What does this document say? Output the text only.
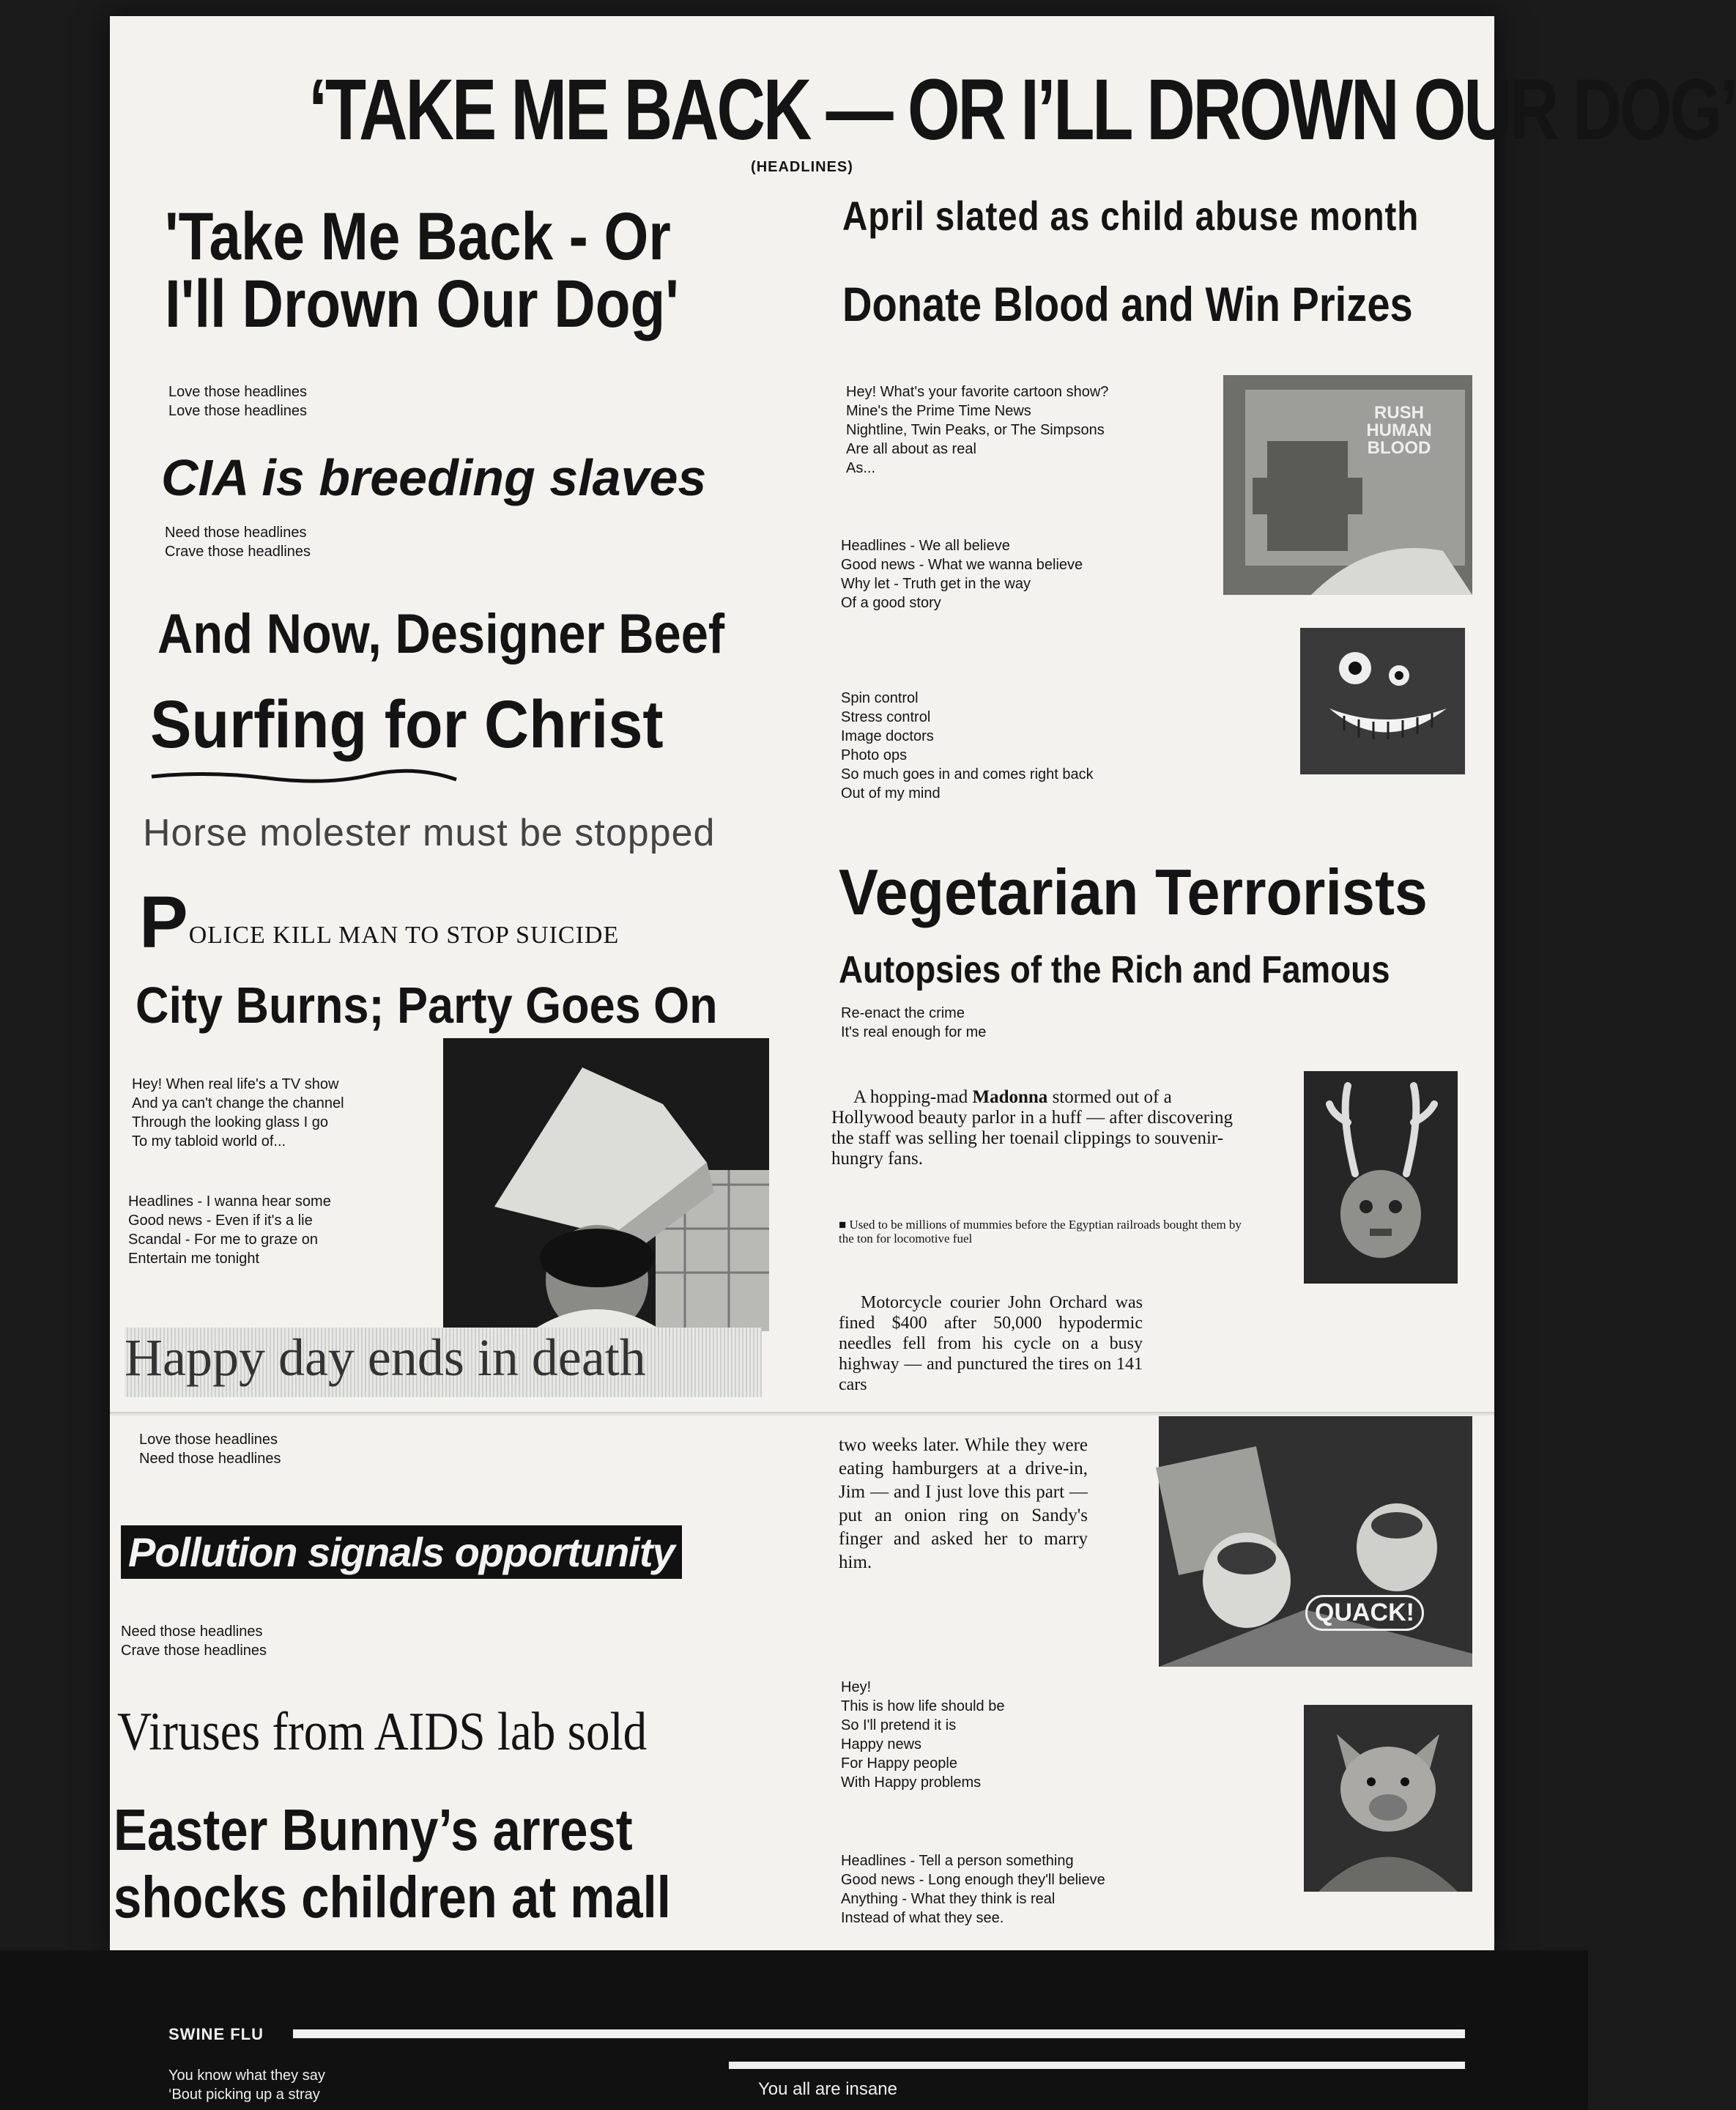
‘TAKE ME BACK — OR I’LL DROWN OUR DOG’
(HEADLINES)
'Take Me Back - Or
I'll Drown Our Dog'
Love those headlines
Love those headlines
CIA is breeding slaves
Need those headlines
Crave those headlines
And Now, Designer Beef
Surfing for Christ
Horse molester must be stopped
POLICE KILL MAN TO STOP SUICIDE
City Burns; Party Goes On
Hey! When real life's a TV show
And ya can't change the channel
Through the looking glass I go
To my tabloid world of...
Headlines - I wanna hear some
Good news - Even if it's a lie
Scandal - For me to graze on
Entertain me tonight
Happy day ends in death
Love those headlines
Need those headlines
Pollution signals opportunity
Need those headlines
Crave those headlines
Viruses from AIDS lab sold
Easter Bunny’s arrest
shocks children at mall
April slated as child abuse month
Donate Blood and Win Prizes
Hey! What's your favorite cartoon show?
Mine's the Prime Time News
Nightline, Twin Peaks, or The Simpsons
Are all about as real
As...
RUSH
HUMAN BLOOD
Headlines - We all believe
Good news - What we wanna believe
Why let - Truth get in the way
Of a good story
Spin control
Stress control
Image doctors
Photo ops
So much goes in and comes right back
Out of my mind
Vegetarian Terrorists
Autopsies of the Rich and Famous
Re-enact the crime
It's real enough for me
A hopping-mad Madonna stormed out of a Hollywood beauty parlor in a huff — after discovering the staff was selling her toenail clippings to souvenir-hungry fans.
■ Used to be millions of mummies before the Egyptian railroads bought them by the ton for locomotive fuel
Motorcycle courier John Orchard was fined $400 after 50,000 hypodermic needles fell from his cycle on a busy highway — and punctured the tires on 141 cars
two weeks later. While they were eating hamburgers at a drive-in, Jim — and I just love this part — put an onion ring on Sandy's finger and asked her to marry him.
QUACK!
Hey!
This is how life should be
So I'll pretend it is
Happy news
For Happy people
With Happy problems
Headlines - Tell a person something
Good news - Long enough they'll believe
Anything - What they think is real
Instead of what they see.
SWINE FLU
You know what they say
‘Bout picking up a stray	You all are insane
